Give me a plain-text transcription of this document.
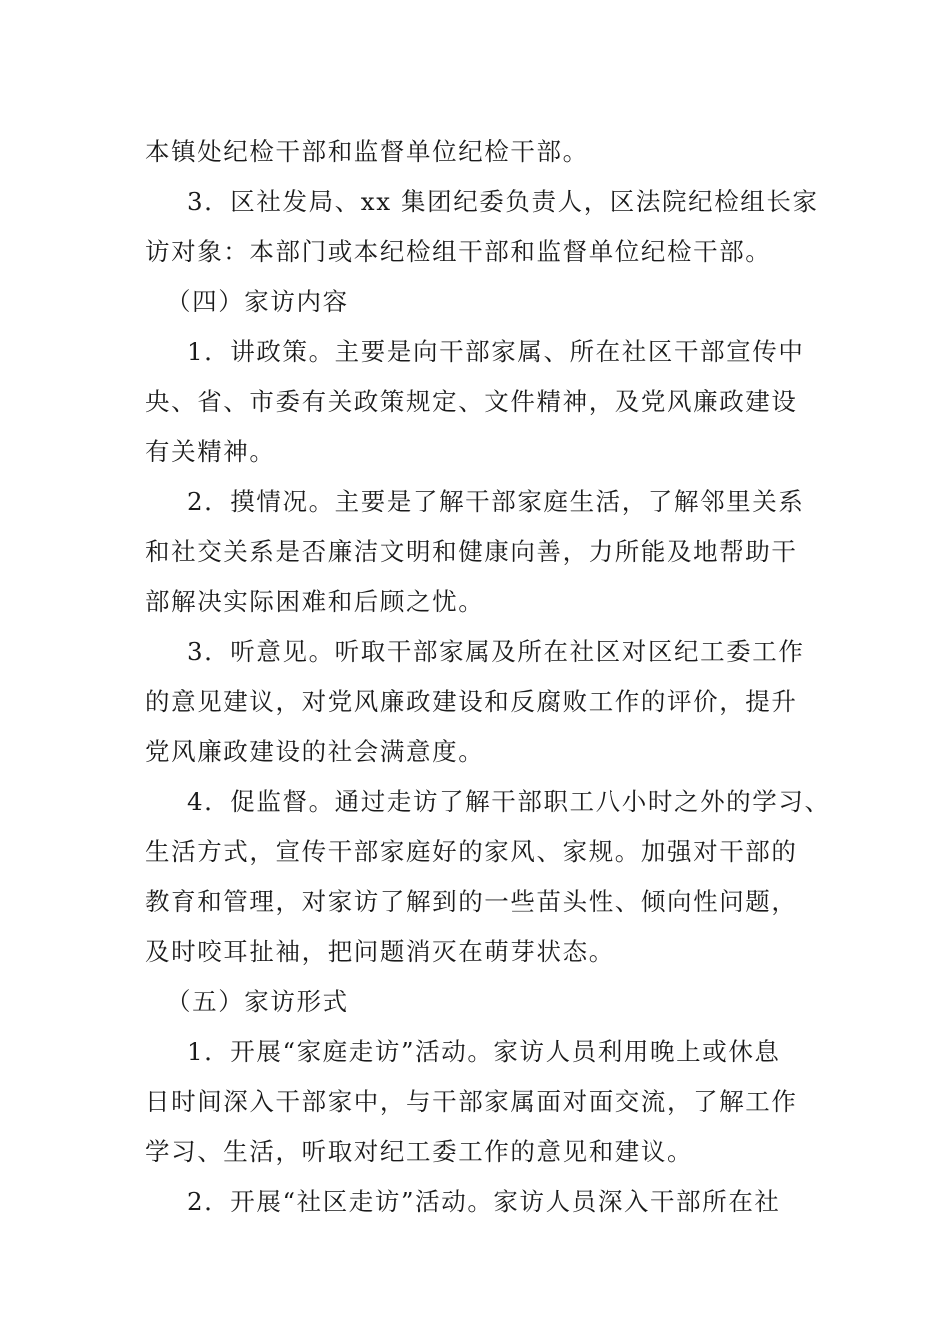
本镇处纪检干部和监督单位纪检干部。
3．区社发局、xx 集团纪委负责人，区法院纪检组长家
访对象：本部门或本纪检组干部和监督单位纪检干部。
（四）家访内容
1．讲政策。主要是向干部家属、所在社区干部宣传中
央、省、市委有关政策规定、文件精神，及党风廉政建设
有关精神。
2．摸情况。主要是了解干部家庭生活，了解邻里关系
和社交关系是否廉洁文明和健康向善，力所能及地帮助干
部解决实际困难和后顾之忧。
3．听意见。听取干部家属及所在社区对区纪工委工作
的意见建议，对党风廉政建设和反腐败工作的评价，提升
党风廉政建设的社会满意度。
4．促监督。通过走访了解干部职工八小时之外的学习、
生活方式，宣传干部家庭好的家风、家规。加强对干部的
教育和管理，对家访了解到的一些苗头性、倾向性问题，
及时咬耳扯袖，把问题消灭在萌芽状态。
（五）家访形式
1．开展“家庭走访”活动。家访人员利用晚上或休息
日时间深入干部家中，与干部家属面对面交流，了解工作
学习、生活，听取对纪工委工作的意见和建议。
2．开展“社区走访”活动。家访人员深入干部所在社
